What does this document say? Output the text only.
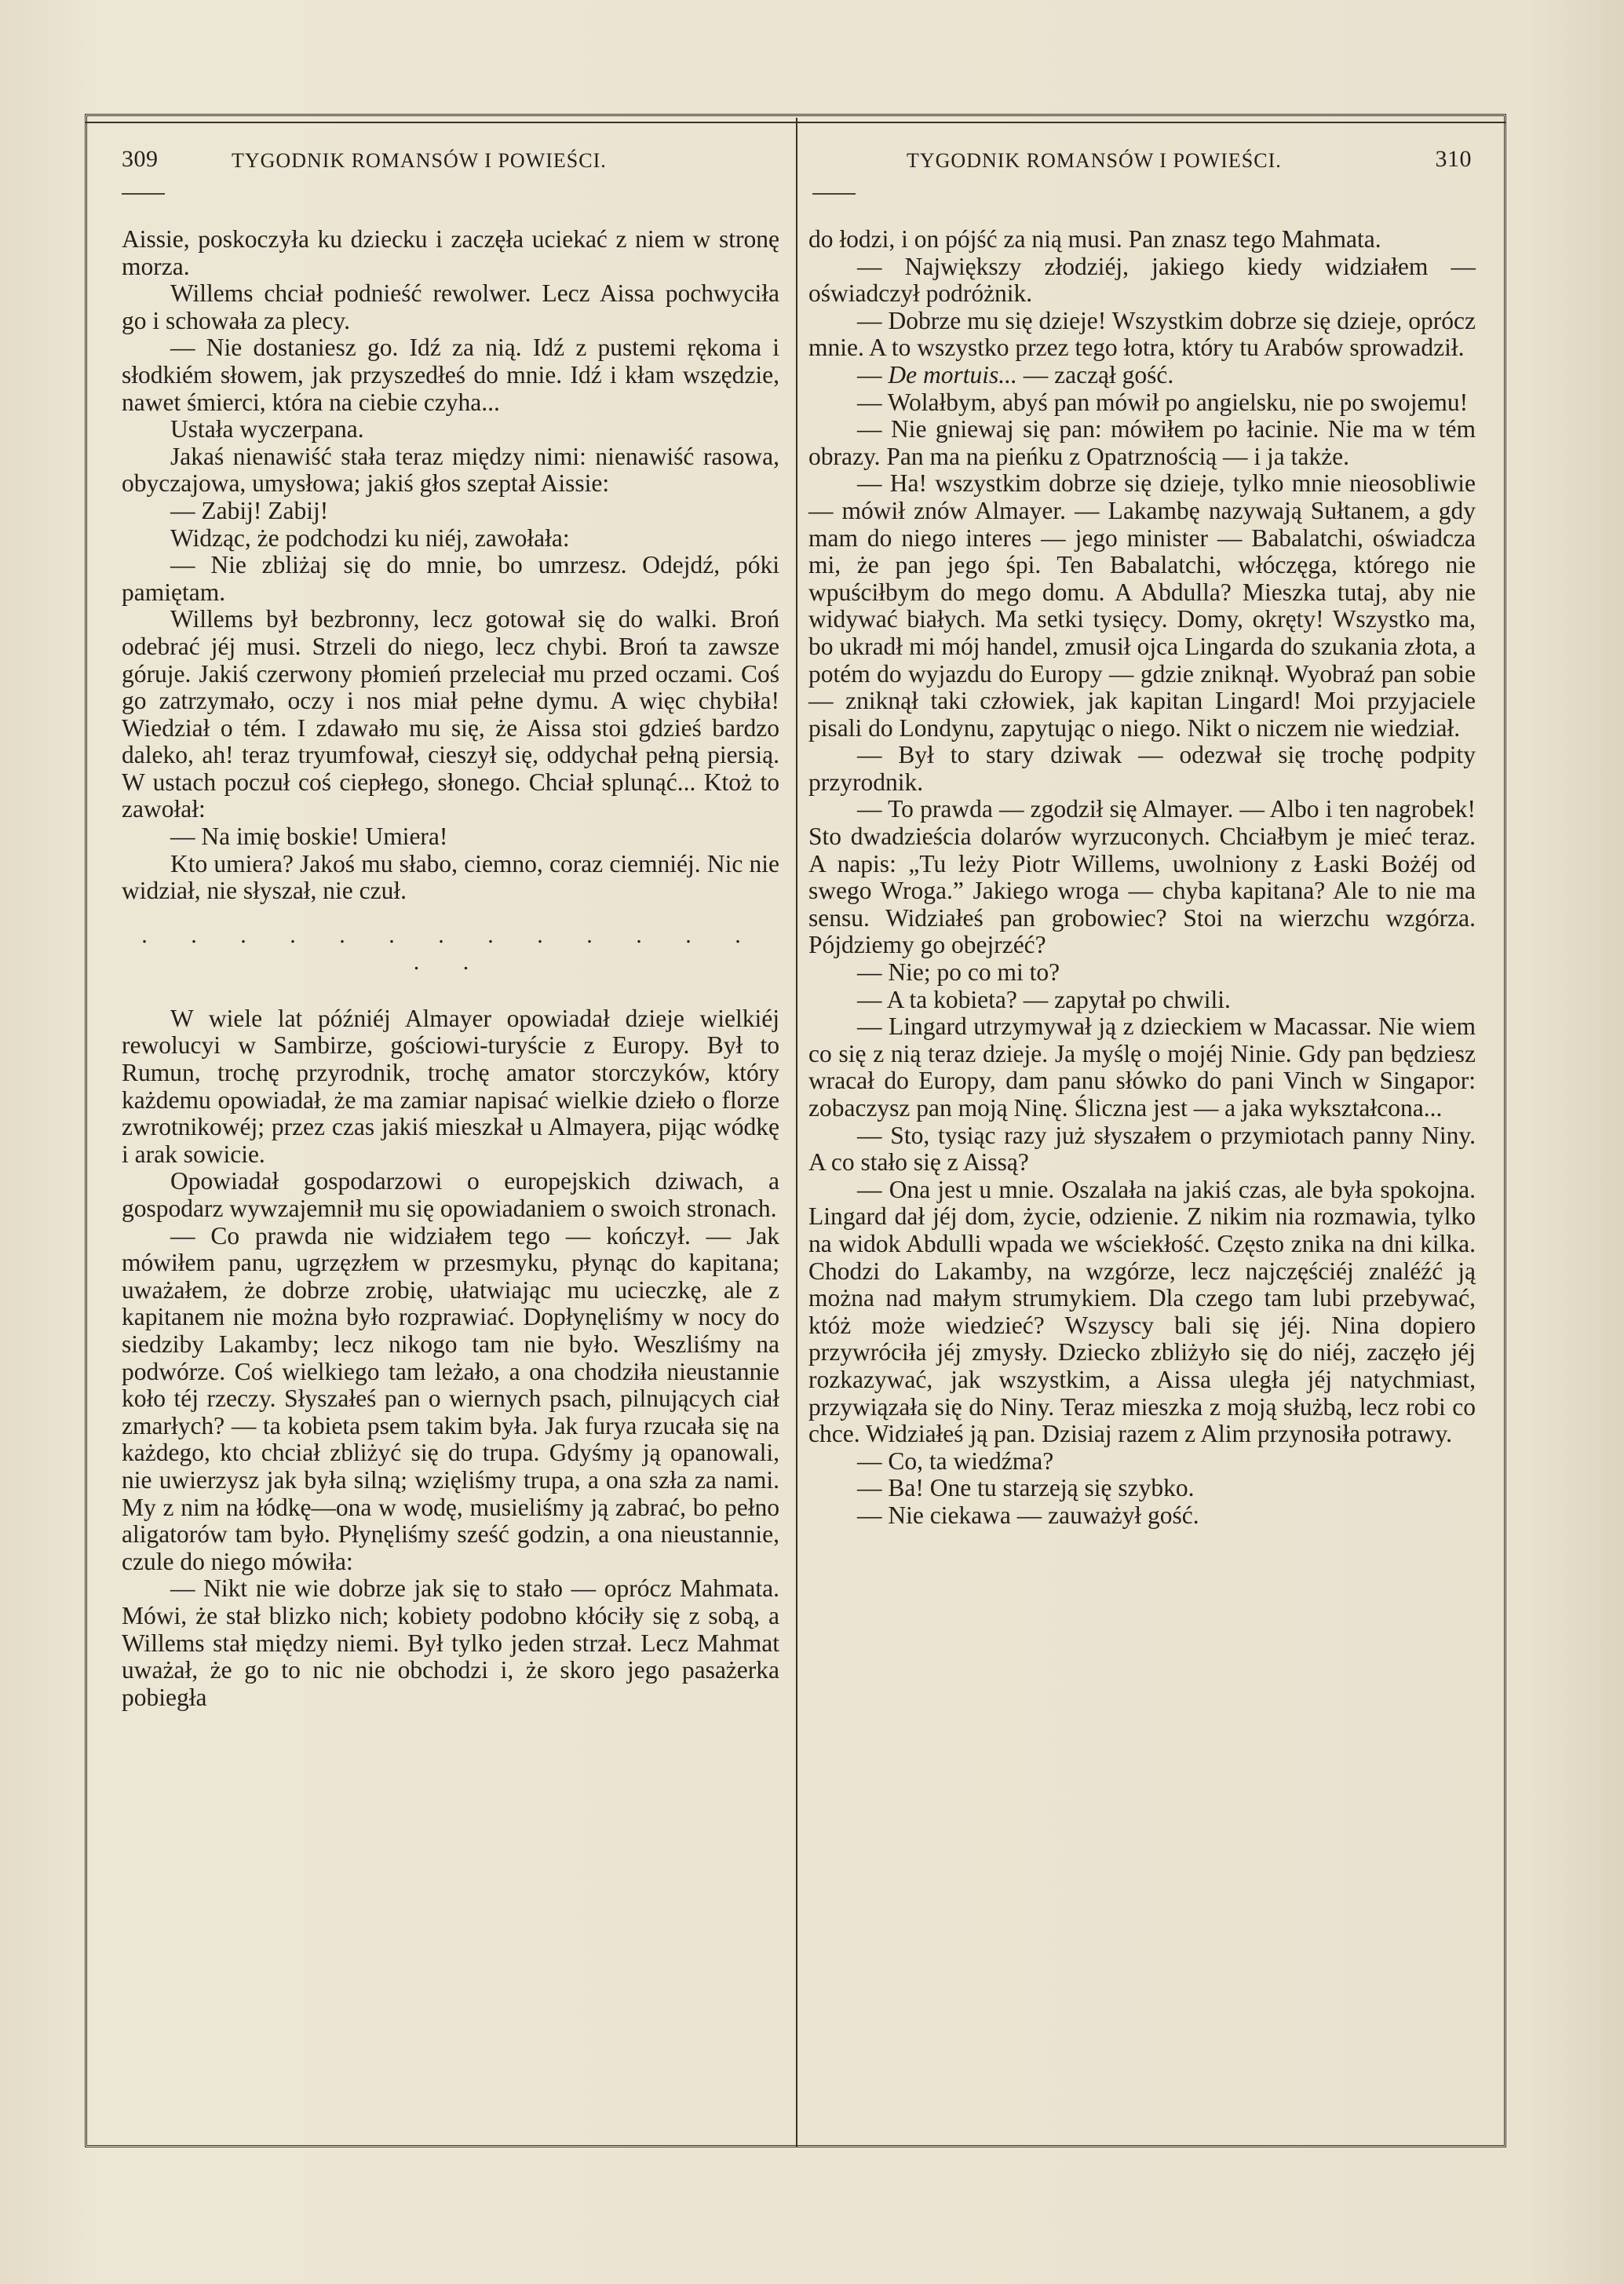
309	TYGODNIK ROMANSÓW I POWIEŚCI.	TYGODNIK ROMANSÓW I POWIEŚCI.	310

Aissie, poskoczyła ku dziecku i zaczęła uciekać z niem w stronę morza.

Willems chciał podnieść rewolwer. Lecz Aissa pochwyciła go i schowała za plecy.

— Nie dostaniesz go. Idź za nią. Idź z pustemi rękoma i słodkiém słowem, jak przyszedłeś do mnie. Idź i kłam wszędzie, nawet śmierci, która na ciebie czyha...

Ustała wyczerpana.

Jakaś nienawiść stała teraz między nimi: nienawiść rasowa, obyczajowa, umysłowa; jakiś głos szeptał Aissie:

— Zabij! Zabij!

Widząc, że podchodzi ku niéj, zawołała:

— Nie zbliżaj się do mnie, bo umrzesz. Odejdź, póki pamiętam.

Willems był bezbronny, lecz gotował się do walki. Broń odebrać jéj musi. Strzeli do niego, lecz chybi. Broń ta zawsze góruje. Jakiś czerwony płomień przeleciał mu przed oczami. Coś go zatrzymało, oczy i nos miał pełne dymu. A więc chybiła! Wiedział o tém. I zdawało mu się, że Aissa stoi gdzieś bardzo daleko, ah! teraz tryumfował, cieszył się, oddychał pełną piersią. W ustach poczuł coś ciepłego, słonego. Chciał splunąć... Ktoż to zawołał:

— Na imię boskie! Umiera!

Kto umiera? Jakoś mu słabo, ciemno, coraz ciemniéj. Nic nie widział, nie słyszał, nie czuł.

. . . . . . . . . . . . . . .

W wiele lat późniéj Almayer opowiadał dzieje wielkiéj rewolucyi w Sambirze, gościowi-turyście z Europy. Był to Rumun, trochę przyrodnik, trochę amator storczyków, który każdemu opowiadał, że ma zamiar napisać wielkie dzieło o florze zwrotnikowéj; przez czas jakiś mieszkał u Almayera, pijąc wódkę i arak sowicie.

Opowiadał gospodarzowi o europejskich dziwach, a gospodarz wywzajemnił mu się opowiadaniem o swoich stronach.

— Co prawda nie widziałem tego — kończył. — Jak mówiłem panu, ugrzęzłem w przesmyku, płynąc do kapitana; uważałem, że dobrze zrobię, ułatwiając mu ucieczkę, ale z kapitanem nie można było rozprawiać. Dopłynęliśmy w nocy do siedziby Lakamby; lecz nikogo tam nie było. Weszliśmy na podwórze. Coś wielkiego tam leżało, a ona chodziła nieustannie koło téj rzeczy. Słyszałeś pan o wiernych psach, pilnujących ciał zmarłych? — ta kobieta psem takim była. Jak furya rzucała się na każdego, kto chciał zbliżyć się do trupa. Gdyśmy ją opanowali, nie uwierzysz jak była silną; wzięliśmy trupa, a ona szła za nami. My z nim na łódkę—ona w wodę, musieliśmy ją zabrać, bo pełno aligatorów tam było. Płynęliśmy sześć godzin, a ona nieustannie, czule do niego mówiła:

— Nikt nie wie dobrze jak się to stało — oprócz Mahmata. Mówi, że stał blizko nich; kobiety podobno kłóciły się z sobą, a Willems stał między niemi. Był tylko jeden strzał. Lecz Mahmat uważał, że go to nic nie obchodzi i, że skoro jego pasażerka pobiegła

do łodzi, i on pójść za nią musi. Pan znasz tego Mahmata.

— Największy złodziéj, jakiego kiedy widziałem — oświadczył podróżnik.

— Dobrze mu się dzieje! Wszystkim dobrze się dzieje, oprócz mnie. A to wszystko przez tego łotra, który tu Arabów sprowadził.

— De mortuis... — zaczął gość.

— Wolałbym, abyś pan mówił po angielsku, nie po swojemu!

— Nie gniewaj się pan: mówiłem po łacinie. Nie ma w tém obrazy. Pan ma na pieńku z Opatrznością — i ja także.

— Ha! wszystkim dobrze się dzieje, tylko mnie nieosobliwie — mówił znów Almayer. — Lakambę nazywają Sułtanem, a gdy mam do niego interes — jego minister — Babalatchi, oświadcza mi, że pan jego śpi. Ten Babalatchi, włóczęga, którego nie wpuściłbym do mego domu. A Abdulla? Mieszka tutaj, aby nie widywać białych. Ma setki tysięcy. Domy, okręty! Wszystko ma, bo ukradł mi mój handel, zmusił ojca Lingarda do szukania złota, a potém do wyjazdu do Europy — gdzie zniknął. Wyobraź pan sobie — zniknął taki człowiek, jak kapitan Lingard! Moi przyjaciele pisali do Londynu, zapytując o niego. Nikt o niczem nie wiedział.

— Był to stary dziwak — odezwał się trochę podpity przyrodnik.

— To prawda — zgodził się Almayer. — Albo i ten nagrobek! Sto dwadzieścia dolarów wyrzuconych. Chciałbym je mieć teraz. A napis: „Tu leży Piotr Willems, uwolniony z Łaski Bożéj od swego Wroga.” Jakiego wroga — chyba kapitana? Ale to nie ma sensu. Widziałeś pan grobowiec? Stoi na wierzchu wzgórza. Pójdziemy go obejrzéć?

— Nie; po co mi to?

— A ta kobieta? — zapytał po chwili.

— Lingard utrzymywał ją z dzieckiem w Macassar. Nie wiem co się z nią teraz dzieje. Ja myślę o mojéj Ninie. Gdy pan będziesz wracał do Europy, dam panu słówko do pani Vinch w Singapor: zobaczysz pan moją Ninę. Śliczna jest — a jaka wykształcona...

— Sto, tysiąc razy już słyszałem o przymiotach panny Niny. A co stało się z Aissą?

— Ona jest u mnie. Oszalała na jakiś czas, ale była spokojna. Lingard dał jéj dom, życie, odzienie. Z nikim nia rozmawia, tylko na widok Abdulli wpada we wściekłość. Często znika na dni kilka. Chodzi do Lakamby, na wzgórze, lecz najczęściéj znaléźć ją można nad małym strumykiem. Dla czego tam lubi przebywać, któż może wiedzieć? Wszyscy bali się jéj. Nina dopiero przywróciła jéj zmysły. Dziecko zbliżyło się do niéj, zaczęło jéj rozkazywać, jak wszystkim, a Aissa uległa jéj natychmiast, przywiązała się do Niny. Teraz mieszka z moją służbą, lecz robi co chce. Widziałeś ją pan. Dzisiaj razem z Alim przynosiła potrawy.

— Co, ta wiedźma?

— Ba! One tu starzeją się szybko.

— Nie ciekawa — zauważył gość.
